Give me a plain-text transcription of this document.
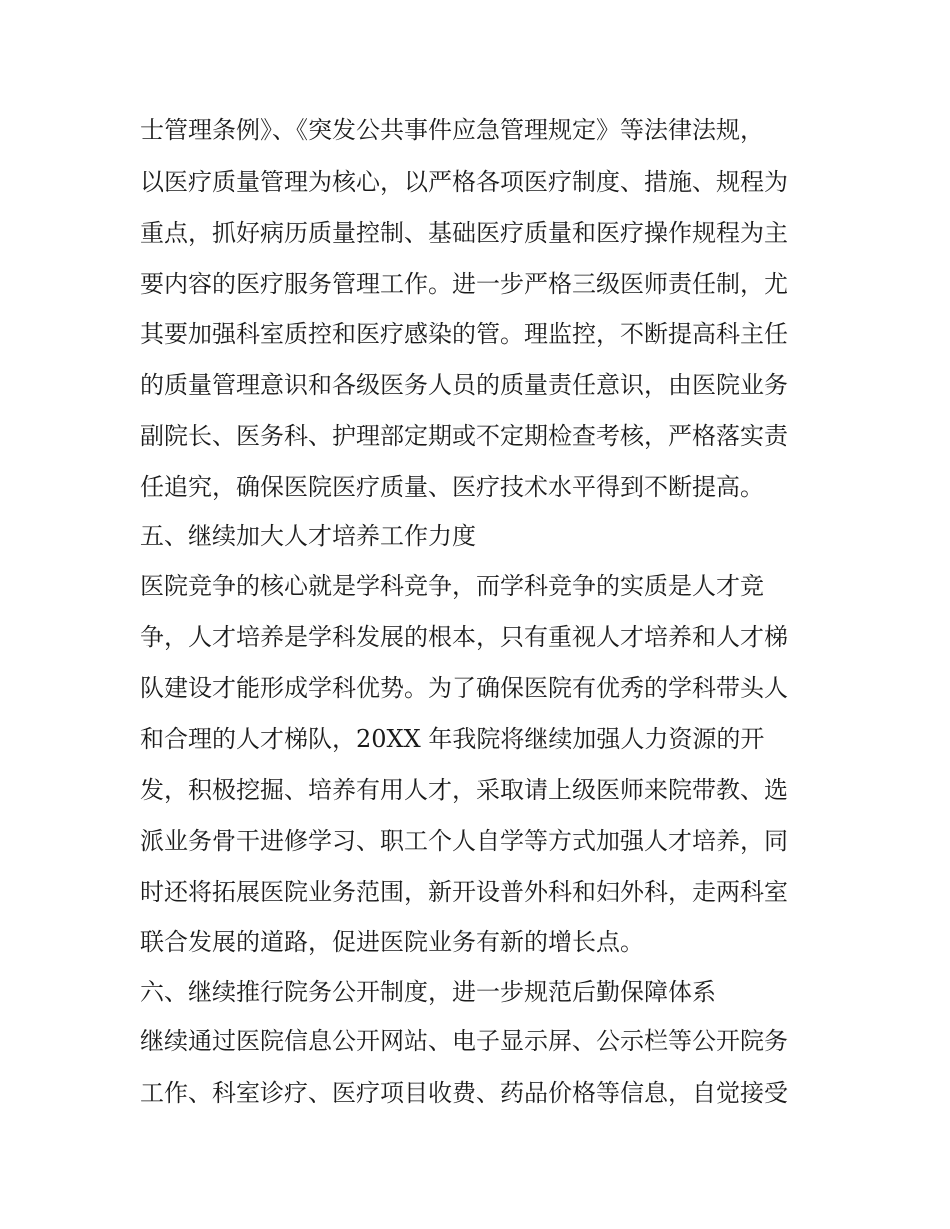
士管理条例》、《突发公共事件应急管理规定》等法律法规，
以医疗质量管理为核心，以严格各项医疗制度、措施、规程为
重点，抓好病历质量控制、基础医疗质量和医疗操作规程为主
要内容的医疗服务管理工作。进一步严格三级医师责任制，尤
其要加强科室质控和医疗感染的管。理监控，不断提高科主任
的质量管理意识和各级医务人员的质量责任意识，由医院业务
副院长、医务科、护理部定期或不定期检查考核，严格落实责
任追究，确保医院医疗质量、医疗技术水平得到不断提高。
五、继续加大人才培养工作力度
医院竞争的核心就是学科竞争，而学科竞争的实质是人才竞
争，人才培养是学科发展的根本，只有重视人才培养和人才梯
队建设才能形成学科优势。为了确保医院有优秀的学科带头人
和合理的人才梯队，20XX 年我院将继续加强人力资源的开
发，积极挖掘、培养有用人才，采取请上级医师来院带教、选
派业务骨干进修学习、职工个人自学等方式加强人才培养，同
时还将拓展医院业务范围，新开设普外科和妇外科，走两科室
联合发展的道路，促进医院业务有新的增长点。
六、继续推行院务公开制度，进一步规范后勤保障体系
继续通过医院信息公开网站、电子显示屏、公示栏等公开院务
工作、科室诊疗、医疗项目收费、药品价格等信息，自觉接受
